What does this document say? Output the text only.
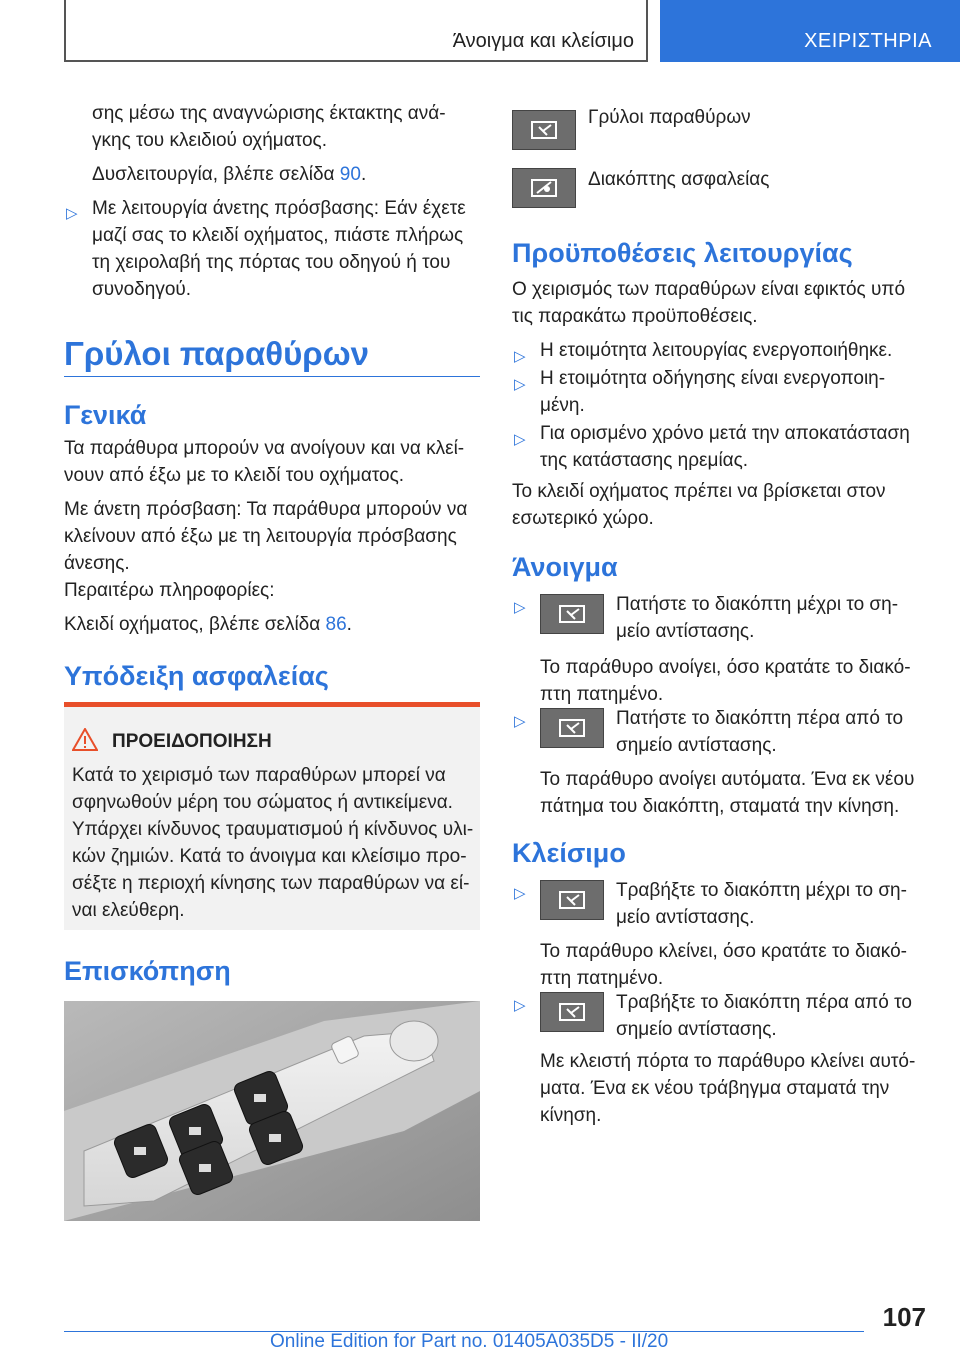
Άνοιγμα και κλείσιμο	ΧΕΙΡΙΣΤΗΡΙΑ

σης μέσω της αναγνώρισης έκτακτης ανά-

γκης του κλειδιού οχήματος.

Δυσλειτουργία, βλέπε σελίδα 90.

▷ Με λειτουργία άνετης πρόσβασης: Εάν έχετε

μαζί σας το κλειδί οχήματος, πιάστε πλήρως

τη χειρολαβή της πόρτας του οδηγού ή του

συνοδηγού.

Γρύλοι παραθύρων
Γενικά

Τα παράθυρα μπορούν να ανοίγουν και να κλεί-

νουν από έξω με το κλειδί του οχήματος.

Με άνετη πρόσβαση: Τα παράθυρα μπορούν να

κλείνουν από έξω με τη λειτουργία πρόσβασης

άνεσης.

Περαιτέρω πληροφορίες:

Κλειδί οχήματος, βλέπε σελίδα 86.

Υπόδειξη ασφαλείας

ΠΡΟΕΙΔΟΠΟΙΗΣΗ

Κατά το χειρισμό των παραθύρων μπορεί να
σφηνωθούν μέρη του σώματος ή αντικείμενα.
Υπάρχει κίνδυνος τραυματισμού ή κίνδυνος υλι-
κών ζημιών. Κατά το άνοιγμα και κλείσιμο προ-
σέξτε η περιοχή κίνησης των παραθύρων να εί-
ναι ελεύθερη.
Επισκόπηση

Γρύλοι παραθύρων

Διακόπτης ασφαλείας

Προϋποθέσεις λειτουργίας

Ο χειρισμός των παραθύρων είναι εφικτός υπό

τις παρακάτω προϋποθέσεις.

▷ Η ετοιμότητα λειτουργίας ενεργοποιήθηκε.

▷ Η ετοιμότητα οδήγησης είναι ενεργοποιη-

μένη.

▷ Για ορισμένο χρόνο μετά την αποκατάσταση

της κατάστασης ηρεμίας.

Το κλειδί οχήματος πρέπει να βρίσκεται στον

εσωτερικό χώρο.

Άνοιγμα
▷	Πατήστε το διακόπτη μέχρι το ση-

μείο αντίστασης.

Το παράθυρο ανοίγει, όσο κρατάτε το διακό-

πτη πατημένο.

▷	Πατήστε το διακόπτη πέρα από το

σημείο αντίστασης.

Το παράθυρο ανοίγει αυτόματα. Ένα εκ νέου

πάτημα του διακόπτη, σταματά την κίνηση.

Κλείσιμο
▷	Τραβήξτε το διακόπτη μέχρι το ση-

μείο αντίστασης.

Το παράθυρο κλείνει, όσο κρατάτε το διακό-

πτη πατημένο.

▷	Τραβήξτε το διακόπτη πέρα από το

σημείο αντίστασης.

Με κλειστή πόρτα το παράθυρο κλείνει αυτό-

ματα. Ένα εκ νέου τράβηγμα σταματά την

κίνηση.

107
Online Edition for Part no. 01405A035D5 - II/20
